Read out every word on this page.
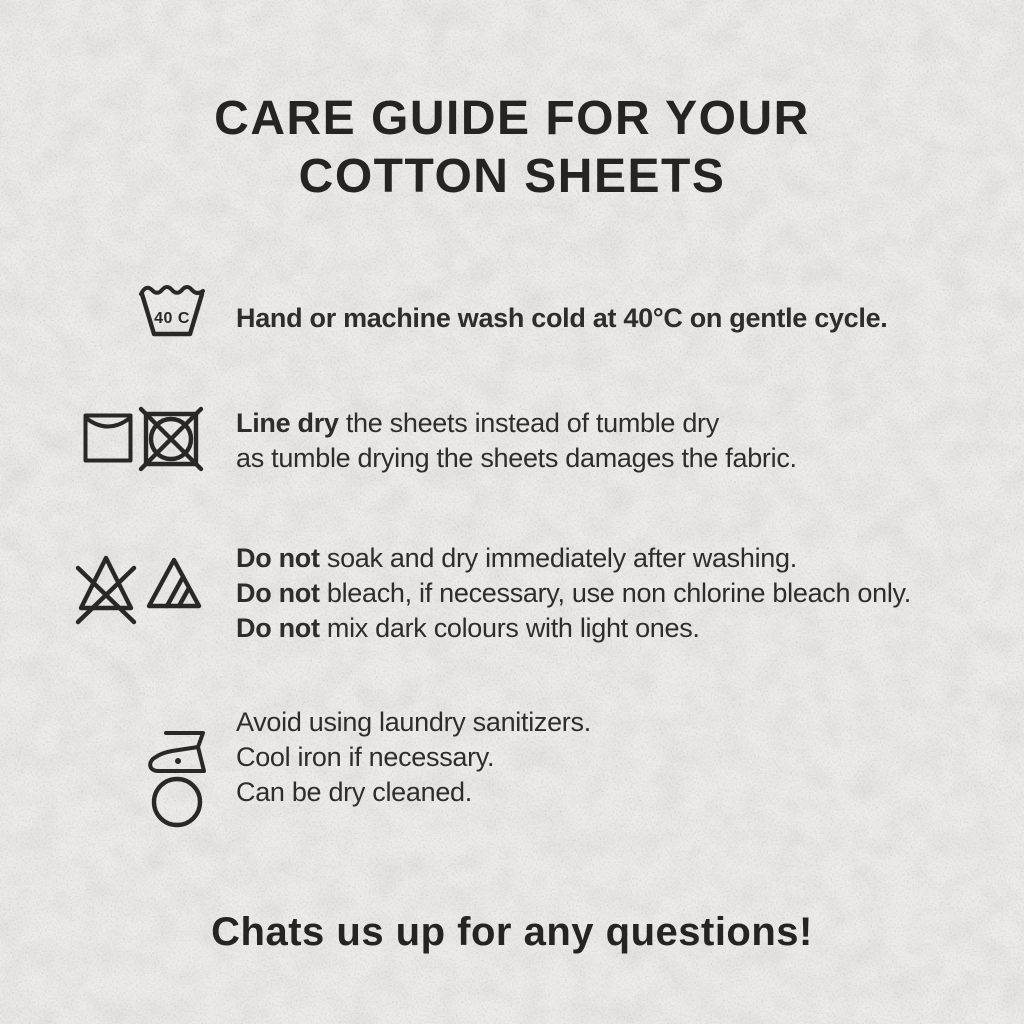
CARE GUIDE FOR YOUR
COTTON SHEETS
40 C Hand or machine wash cold at 40°C on gentle cycle.
Line dry the sheets instead of tumble dry
as tumble drying the sheets damages the fabric.
Do not soak and dry immediately after washing.
Do not bleach, if necessary, use non chlorine bleach only.
Do not mix dark colours with light ones.
Avoid using laundry sanitizers.
Cool iron if necessary.
Can be dry cleaned.
Chats us up for any questions!
